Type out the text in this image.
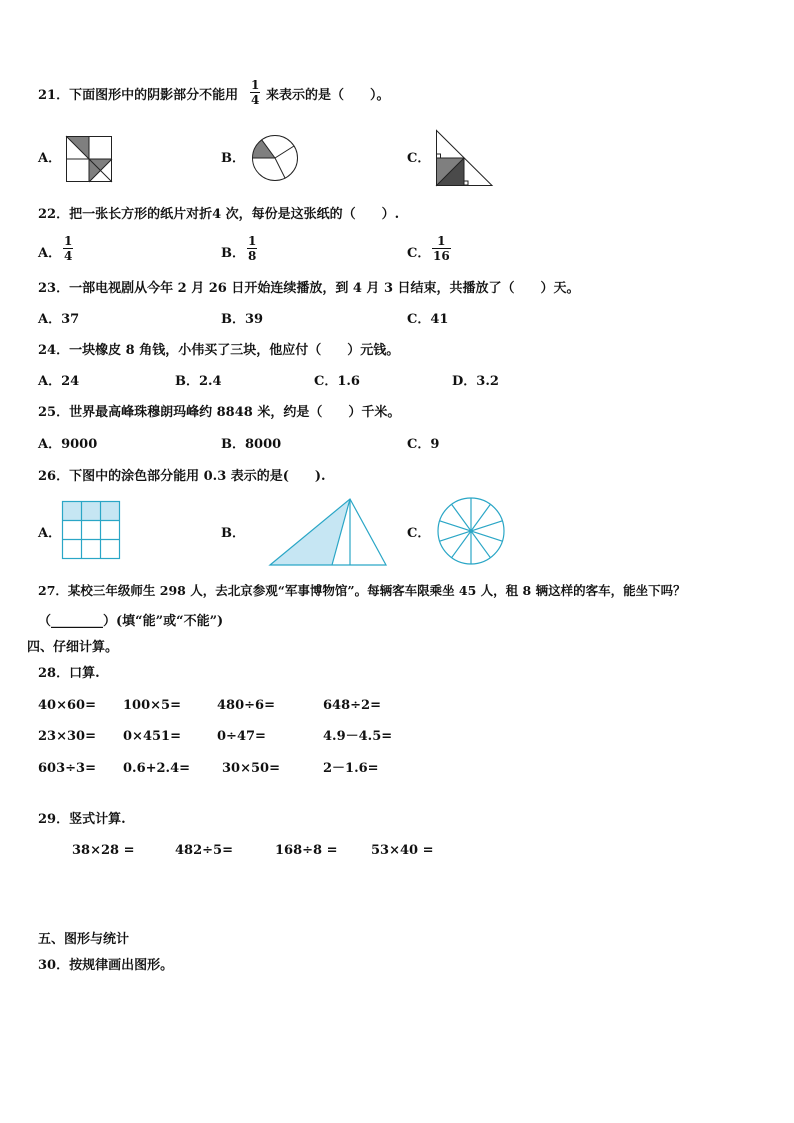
21．下面图形中的阴影部分不能用 $\frac{1}{4}$ 来表示的是（　　）。
A．	B．	C．
22．把一张长方形的纸片对折4 次，每份是这张纸的（　　）.
A． $\frac{1}{4}$	B． $\frac{1}{8}$	C． $\frac{1}{16}$
23．一部电视剧从今年 2 月 26 日开始连续播放，到 4 月 3 日结束，共播放了（　　）天。
A．37	B．39	C．41
24．一块橡皮 8 角钱，小伟买了三块，他应付（　　）元钱。
A．24	B．2.4	C．1.6	D．3.2
25．世界最高峰珠穆朗玛峰约 8848 米，约是（　　）千米。
A．9000	B．8000	C．9
26．下图中的涂色部分能用 0.3 表示的是(　　).
A．	B．	C．
27．某校三年级师生 298 人，去北京参观“军事博物馆”。每辆客车限乘坐 45 人，租 8 辆这样的客车，能坐下吗？
（________）(填“能”或“不能”)
四、仔细计算。
28．口算.
40×60= 100×5=	480÷6=	648÷2=
23×30= 0×451=	0÷47=	4.9－4.5=
603÷3= 0.6+2.4= 30×50=	2－1.6=
29．竖式计算.
38×28 =	482÷5=	168÷8 =	53×40 =
五、图形与统计
30．按规律画出图形。
